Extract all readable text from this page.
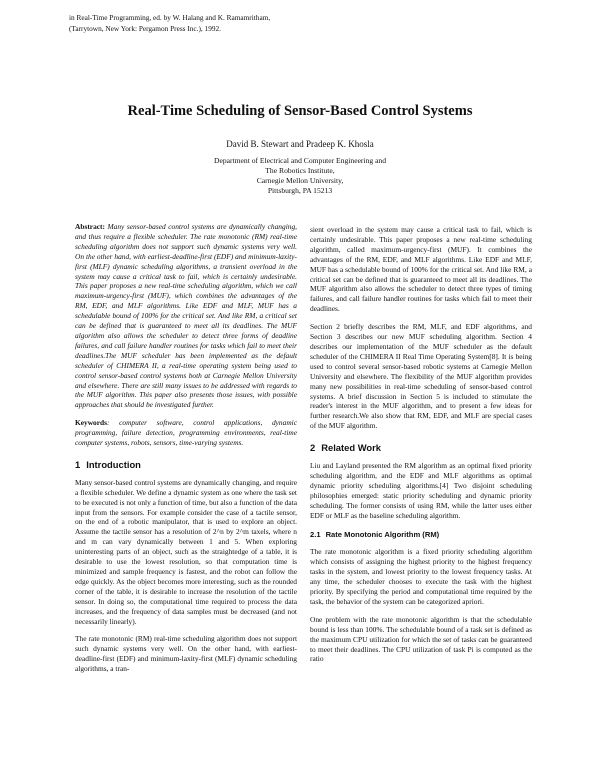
in Real-Time Programming, ed. by W. Halang and K. Ramamritham,
(Tarrytown, New York: Pergamon Press Inc.), 1992.
Real-Time Scheduling of Sensor-Based Control Systems
David B. Stewart and Pradeep K. Khosla
Department of Electrical and Computer Engineering and
The Robotics Institute,
Carnegie Mellon University,
Pittsburgh, PA 15213

Abstract: Many sensor-based control systems are dynamically changing, and thus require a flexible scheduler. The rate monotonic (RM) real-time scheduling algorithm does not support such dynamic systems very well. On the other hand, with earliest-deadline-first (EDF) and minimum-laxity-first (MLF) dynamic scheduling algorithms, a transient overload in the system may cause a critical task to fail, which is certainly undesirable. This paper proposes a new real-time scheduling algorithm, which we call maximum-urgency-first (MUF), which combines the advantages of the RM, EDF, and MLF algorithms. Like EDF and MLF, MUF has a schedulable bound of 100% for the critical set. And like RM, a critical set can be defined that is guaranteed to meet all its deadlines. The MUF algorithm also allows the scheduler to detect three forms of deadline failures, and call failure handler routines for tasks which fail to meet their deadlines.The MUF scheduler has been implemented as the default scheduler of CHIMERA II, a real-time operating system being used to control sensor-based control systems both at Carnegie Mellon University and elsewhere. There are still many issues to be addressed with regards to the MUF algorithm. This paper also presents those issues, with possible approaches that should be investigated further.

Keywords: computer software, control applications, dynamic programming, failure detection, programming environments, real-time computer systems, robots, sensors, time-varying systems.

1 Introduction

Many sensor-based control systems are dynamically changing, and require a flexible scheduler. We define a dynamic system as one where the task set to be executed is not only a function of time, but also a function of the data input from the sensors. For example consider the case of a tactile sensor, on the end of a robotic manipulator, that is used to explore an object. Assume the tactile sensor has a resolution of 2^n by 2^m taxels, where n and m can vary dynamically between 1 and 5. When exploring uninteresting parts of an object, such as the straightedge of a table, it is desirable to use the lowest resolution, so that computation time is minimized and sample frequency is fastest, and the robot can follow the edge quickly. As the object becomes more interesting, such as the rounded corner of the table, it is desirable to increase the resolution of the tactile sensor. In doing so, the computational time required to process the data increases, and the frequency of data samples must be decreased (and not necessarily linearly).

The rate monotonic (RM) real-time scheduling algorithm does not support such dynamic systems very well. On the other hand, with earliest-deadline-first (EDF) and minimum-laxity-first (MLF) dynamic scheduling algorithms, a tran-

sient overload in the system may cause a critical task to fail, which is certainly undesirable. This paper proposes a new real-time scheduling algorithm, called maximum-urgency-first (MUF). It combines the advantages of the RM, EDF, and MLF algorithms. Like EDF and MLF, MUF has a schedulable bound of 100% for the critical set. And like RM, a critical set can be defined that is guaranteed to meet all its deadlines. The MUF algorithm also allows the scheduler to detect three types of timing failures, and call failure handler routines for tasks which fail to meet their deadlines.

Section 2 briefly describes the RM, MLF, and EDF algorithms, and Section 3 describes our new MUF scheduling algorithm. Section 4 describes our implementation of the MUF scheduler as the default scheduler of the CHIMERA II Real Time Operating System[8]. It is being used to control several sensor-based robotic systems at Carnegie Mellon University and elsewhere. The flexibility of the MUF algorithm provides many new possibilities in real-time scheduling of sensor-based control systems. A brief discussion in Section 5 is included to stimulate the reader's interest in the MUF algorithm, and to present a few ideas for further research.We also show that RM, EDF, and MLF are special cases of the MUF algorithm.

2 Related Work

Liu and Layland presented the RM algorithm as an optimal fixed priority scheduling algorithm, and the EDF and MLF algorithms as optimal dynamic priority scheduling algorithms.[4] Two disjoint scheduling philosophies emerged: static priority scheduling and dynamic priority scheduling. The former consists of using RM, while the latter uses either EDF or MLF as the baseline scheduling algorithm.

2.1 Rate Monotonic Algorithm (RM)

The rate monotonic algorithm is a fixed priority scheduling algorithm which consists of assigning the highest priority to the highest frequency tasks in the system, and lowest priority to the lowest frequency tasks. At any time, the scheduler chooses to execute the task with the highest priority. By specifying the period and computational time required by the task, the behavior of the system can be categorized apriori.

One problem with the rate monotonic algorithm is that the schedulable bound is less than 100%. The schedulable bound of a task set is defined as the maximum CPU utilization for which the set of tasks can be guaranteed to meet their deadlines. The CPU utilization of task Pi is computed as the ratio
